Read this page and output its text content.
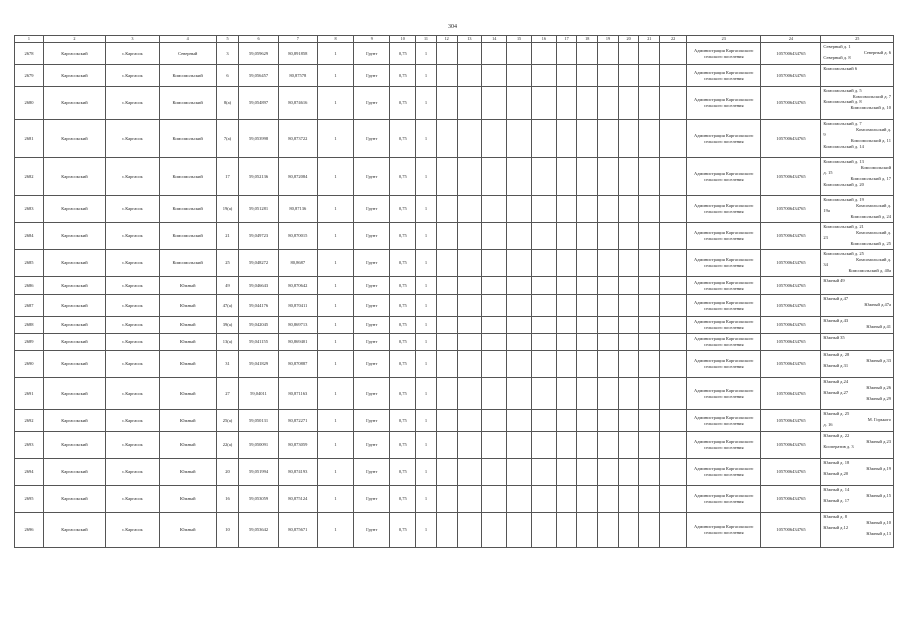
304
1	2	3	4	5	6	7	8	9	10	11	12	13	14	15	16	17	18	19	20	21	22	23	24	25
2678	Каргасокский	с.Каргасок	Северный	3	59,059629	80,891858	1	Грунт	0,75	1												Администрация Каргасокского сельского поселения	1057006434765	Северный д. 1
Северный д. 6
Северный д. 8

2679	Каргасокский	с.Каргасок	Комсомольский	6	59,056457	80,87578	1	Грунт	0,75	1												Администрация Каргасокского сельского поселения	1057006434765	Комсомольский 6

2680	Каргасокский	с.Каргасок	Комсомольский	8(а)	59,054897	80,874616	1	Грунт	0,75	1												Администрация Каргасокского сельского поселения	1057006434765	Комсомольский д. 5
Комсомольский д. 7
Комсомольский д. 8
Комсомольский д. 10

2681	Каргасокский	с.Каргасок	Комсомольский	7(а)	59,053998	80,873722	1	Грунт	0,75	1												Администрация Каргасокского сельского поселения	1057006434765	Комсомольский д. 7
Комсомольский д.
9
Комсомольский д. 11
Комсомольский д. 14

2682	Каргасокский	с.Каргасок	Комсомольский	17	59,052136	80,872084	1	Грунт	0,75	1												Администрация Каргасокского сельского поселения	1057006434765	Комсомольский д. 13
Комсомольский
д. 15
Комсомольский д. 17
Комсомольский д. 20

2683	Каргасокский	с.Каргасок	Комсомольский	19(а)	59,051281	80,87136	1	Грунт	0,75	1												Администрация Каргасокского сельского поселения	1057006434765	Комсомольский д. 19
Комсомольский д.
19а
Комсомольский д. 24

2684	Каргасокский	с.Каргасок	Комсомольский	21	59,049723	80,870015	1	Грунт	0,75	1												Администрация Каргасокского сельского поселения	1057006434765	Комсомольский д. 21
Комсомольский д.
23
Комсомольский д. 25

2685	Каргасокский	с.Каргасок	Комсомольский	25	59,048272	80,8687	1	Грунт	0,75	1												Администрация Каргасокского сельского поселения	1057006434765	Комсомольский д. 25
Комсомольский д.
34
Комсомольский д. 40а

2686	Каргасокский	с.Каргасок	Южный	49	59,046643	80,870642	1	Грунт	0,75	1												Администрация Каргасокского сельского поселения	1057006434765	Южный 49

2687	Каргасокский	с.Каргасок	Южный	47(а)	59,044176	80,870411	1	Грунт	0,75	1												Администрация Каргасокского сельского поселения	1057006434765	Южный д.47
Южный д.47а

2688	Каргасокский	с.Каргасок	Южный	39(а)	59,042045	80,869713	1	Грунт	0,75	1												Администрация Каргасокского сельского поселения	1057006434765	Южный д.43
Южный д.41

2689	Каргасокский	с.Каргасок	Южный	13(а)	59,041155	80,869401	1	Грунт	0,75	1												Администрация Каргасокского сельского поселения	1057006434765	Южный 35

2690	Каргасокский	с.Каргасок	Южный	31	59,041829	80,870887	1	Грунт	0,75	1												Администрация Каргасокского сельского поселения	1057006434765	Южный д. 28
Южный д.33
Южный д.31

2691	Каргасокский	с.Каргасок	Южный	27	59,04011	80,871163	1	Грунт	0,75	1												Администрация Каргасокского сельского поселения	1057006434765	Южный д.24
Южный д.26
Южный д.27
Южный д.29

2692	Каргасокский	с.Каргасок	Южный	25(а)	59,050131	80,872271	1	Грунт	0,75	1												Администрация Каргасокского сельского поселения	1057006434765	Южный д. 25
М. Горького
д. 16

2693	Каргасокский	с.Каргасок	Южный	22(а)	59,050091	80,873059	1	Грунт	0,75	1												Администрация Каргасокского сельского поселения	1057006434765	Южный д. 22
Южный д.23
Кооператив д. 3

2694	Каргасокский	с.Каргасок	Южный	20	59,051994	80,874193	1	Грунт	0,75	1												Администрация Каргасокского сельского поселения	1057006434765	Южный д. 18
Южный д.19
Южный д.20

2695	Каргасокский	с.Каргасок	Южный	16	59,053059	80,875124	1	Грунт	0,75	1												Администрация Каргасокского сельского поселения	1057006434765	Южный д. 14
Южный д.15
Южный д. 17

2696	Каргасокский	с.Каргасок	Южный	10	59,053642	80,875671	1	Грунт	0,75	1												Администрация Каргасокского сельского поселения	1057006434765	Южный д. 8
Южный д.10
Южный д.12
Южный д.13
